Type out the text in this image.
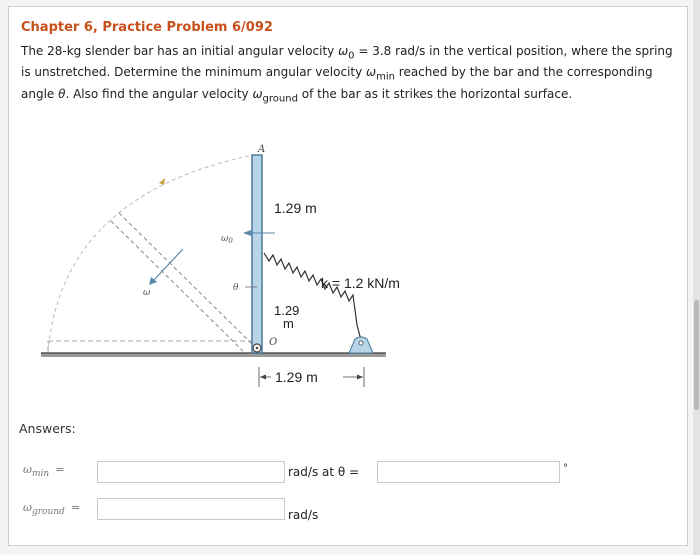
Chapter 6, Practice Problem 6/092
The 28-kg slender bar has an initial angular velocity $\omega_0 = 3.8$ rad/s in the vertical position, where the spring is unstretched. Determine the minimum angular velocity $\omega_{min}$ reached by the bar and the corresponding angle θ. Also find the angular velocity $\omega_{ground}$ of the bar as it strikes the horizontal surface.
ω
A
$\omega_0$
θ
O
1.29 m
k = 1.2 kN/m
1.29
m
1.29 m
Answers:
$\omega_{min}$ =	rad/s at θ =	°
$\omega_{ground}$ =
rad/s
